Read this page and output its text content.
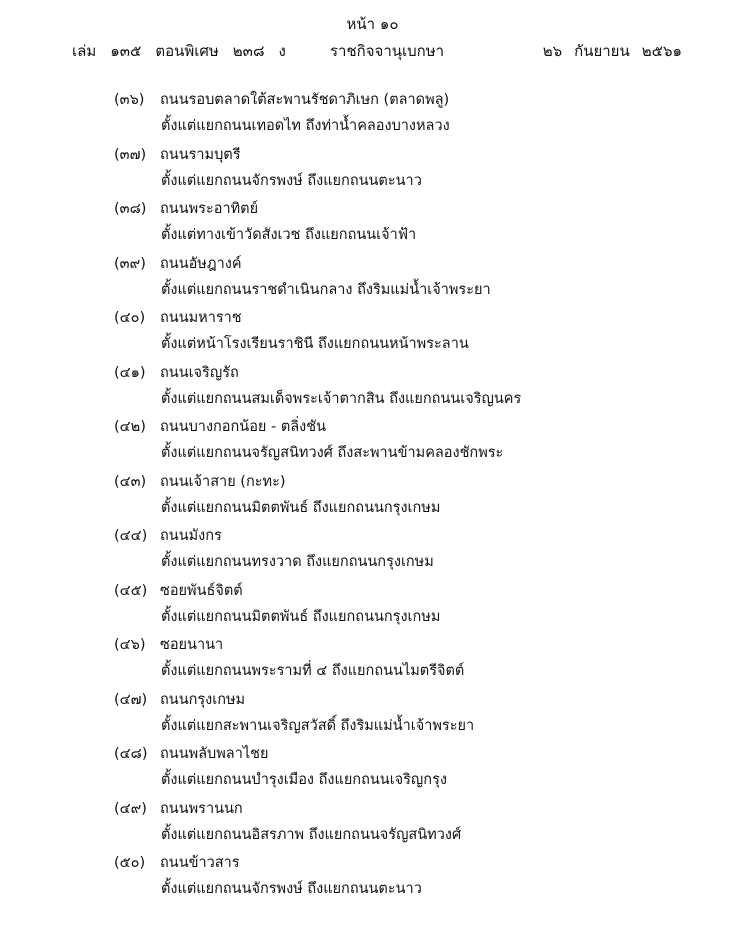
หน้า ๑๐
เล่ม ๑๓๕ ตอนพิเศษ ๒๓๘ ง	ราชกิจจานุเบกษา	๒๖ กันยายน ๒๕๖๑
(๓๖) ถนนรอบตลาดใต้สะพานรัชดาภิเษก (ตลาดพลู)
ตั้งแต่แยกถนนเทอดไท ถึงท่าน้ำคลองบางหลวง
(๓๗) ถนนรามบุตรี
ตั้งแต่แยกถนนจักรพงษ์ ถึงแยกถนนตะนาว
(๓๘) ถนนพระอาทิตย์
ตั้งแต่ทางเข้าวัดสังเวช ถึงแยกถนนเจ้าฟ้า
(๓๙) ถนนอัษฎางค์
ตั้งแต่แยกถนนราชดำเนินกลาง ถึงริมแม่น้ำเจ้าพระยา
(๔๐) ถนนมหาราช
ตั้งแต่หน้าโรงเรียนราชินี ถึงแยกถนนหน้าพระลาน
(๔๑) ถนนเจริญรัถ
ตั้งแต่แยกถนนสมเด็จพระเจ้าตากสิน ถึงแยกถนนเจริญนคร
(๔๒) ถนนบางกอกน้อย - ตลิ่งชัน
ตั้งแต่แยกถนนจรัญสนิทวงศ์ ถึงสะพานข้ามคลองชักพระ
(๔๓) ถนนเจ้าสาย (กะทะ)
ตั้งแต่แยกถนนมิตตพันธ์ ถึงแยกถนนกรุงเกษม
(๔๔) ถนนมังกร
ตั้งแต่แยกถนนทรงวาด ถึงแยกถนนกรุงเกษม
(๔๕) ซอยพันธ์จิตต์
ตั้งแต่แยกถนนมิตตพันธ์ ถึงแยกถนนกรุงเกษม
(๔๖) ซอยนานา
ตั้งแต่แยกถนนพระรามที่ ๔ ถึงแยกถนนไมตรีจิตต์
(๔๗) ถนนกรุงเกษม
ตั้งแต่แยกสะพานเจริญสวัสดิ์ ถึงริมแม่น้ำเจ้าพระยา
(๔๘) ถนนพลับพลาไชย
ตั้งแต่แยกถนนบำรุงเมือง ถึงแยกถนนเจริญกรุง
(๔๙) ถนนพรานนก
ตั้งแต่แยกถนนอิสรภาพ ถึงแยกถนนจรัญสนิทวงศ์
(๕๐) ถนนข้าวสาร
ตั้งแต่แยกถนนจักรพงษ์ ถึงแยกถนนตะนาว
